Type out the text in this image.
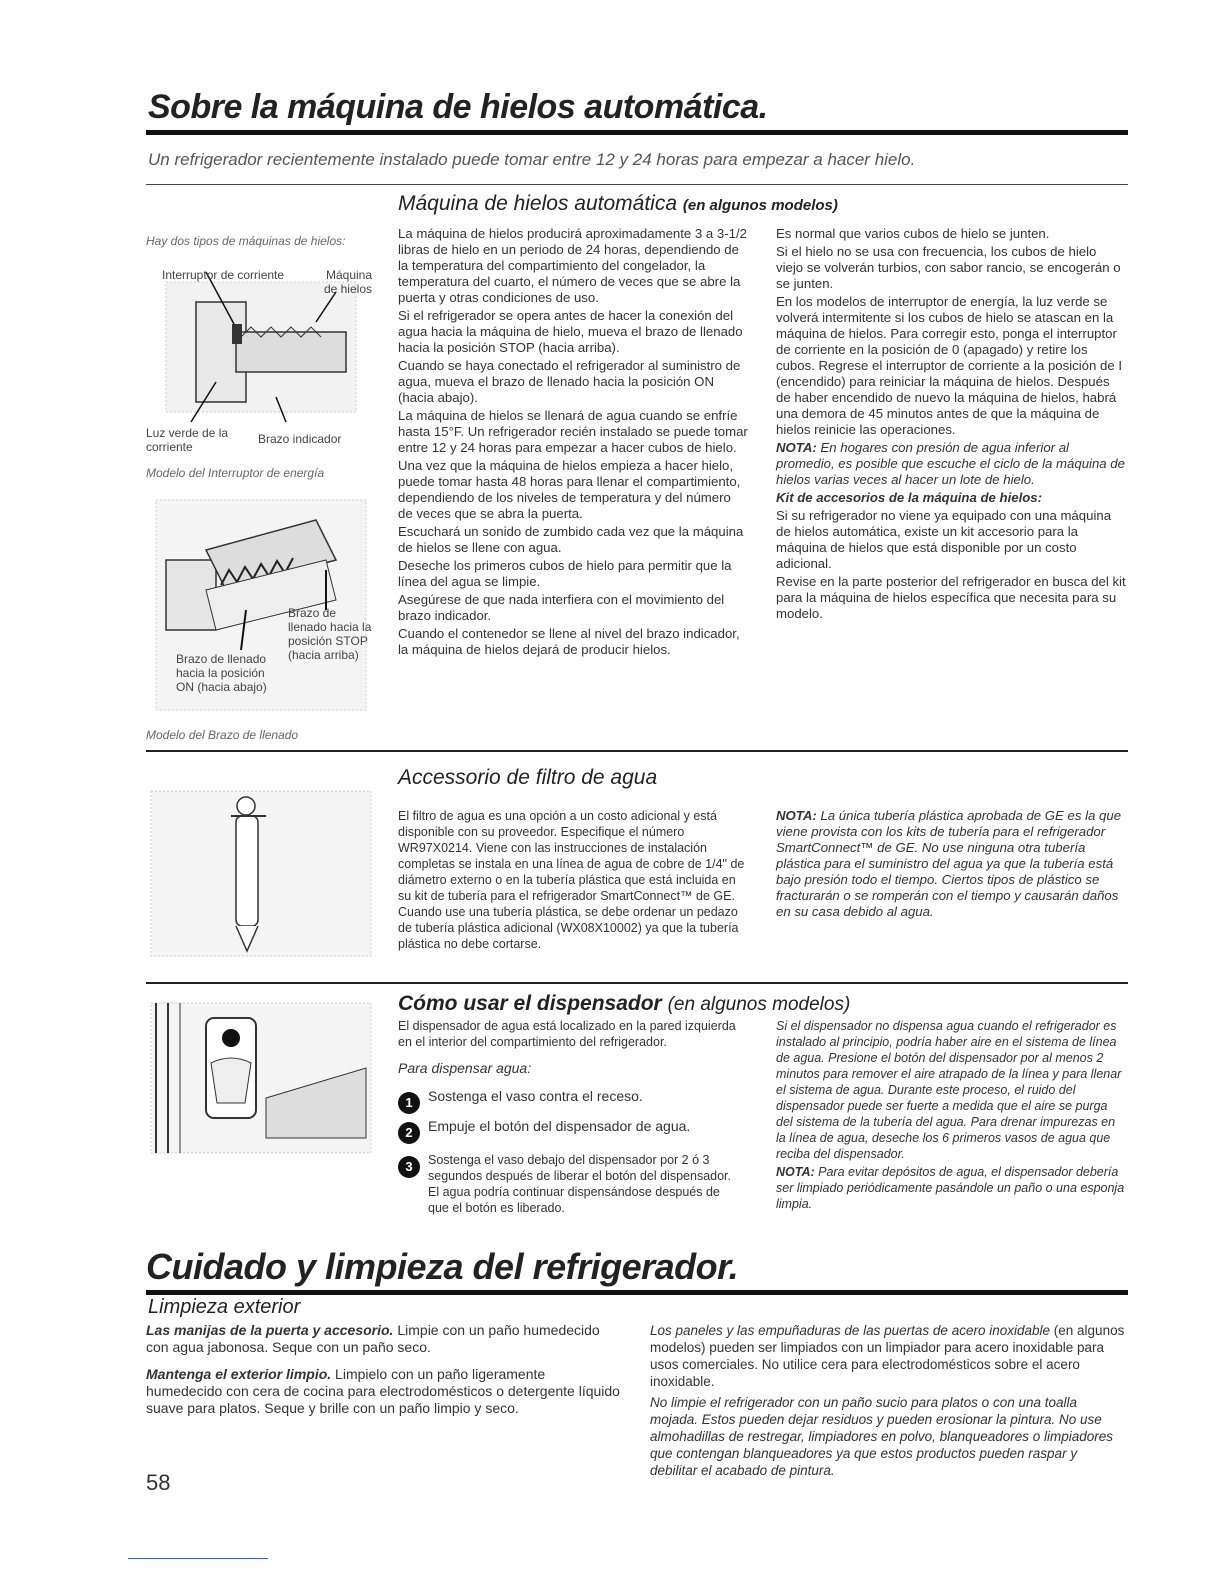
Sobre la máquina de hielos automática.
Un refrigerador recientemente instalado puede tomar entre 12 y 24 horas para empezar a hacer hielo.
Máquina de hielos automática (en algunos modelos)
Hay dos tipos de máquinas de hielos:
Interruptor de corriente	Máquina de hielos
Luz verde de la corriente
Brazo indicador
Modelo del Interruptor de energía
Brazo de llenado hacia la posición ON (hacia abajo)
Brazo de llenado hacia la posición STOP (hacia arriba)
Modelo del Brazo de llenado

La máquina de hielos producirá aproximadamente 3 a 3-1/2 libras de hielo en un periodo de 24 horas, dependiendo de la temperatura del compartimiento del congelador, la temperatura del cuarto, el número de veces que se abre la puerta y otras condiciones de uso.

Si el refrigerador se opera antes de hacer la conexión del agua hacia la máquina de hielo, mueva el brazo de llenado hacia la posición STOP (hacia arriba).

Cuando se haya conectado el refrigerador al suministro de agua, mueva el brazo de llenado hacia la posición ON (hacia abajo).

La máquina de hielos se llenará de agua cuando se enfríe hasta 15°F. Un refrigerador recién instalado se puede tomar entre 12 y 24 horas para empezar a hacer cubos de hielo.

Una vez que la máquina de hielos empieza a hacer hielo, puede tomar hasta 48 horas para llenar el compartimiento, dependiendo de los niveles de temperatura y del número de veces que se abra la puerta.

Escuchará un sonido de zumbido cada vez que la máquina de hielos se llene con agua.

Deseche los primeros cubos de hielo para permitir que la línea del agua se limpie.

Asegúrese de que nada interfiera con el movimiento del brazo indicador.

Cuando el contenedor se llene al nivel del brazo indicador, la máquina de hielos dejará de producir hielos.

Es normal que varios cubos de hielo se junten.

Si el hielo no se usa con frecuencia, los cubos de hielo viejo se volverán turbios, con sabor rancio, se encogerán o se junten.

En los modelos de interruptor de energía, la luz verde se volverá intermitente si los cubos de hielo se atascan en la máquina de hielos. Para corregir esto, ponga el interruptor de corriente en la posición de 0 (apagado) y retire los cubos. Regrese el interruptor de corriente a la posición de I (encendido) para reiniciar la máquina de hielos. Después de haber encendido de nuevo la máquina de hielos, habrá una demora de 45 minutos antes de que la máquina de hielos reinicie las operaciones.

NOTA: En hogares con presión de agua inferior al promedio, es posible que escuche el ciclo de la máquina de hielos varias veces al hacer un lote de hielo.

Kit de accesorios de la máquina de hielos:

Si su refrigerador no viene ya equipado con una máquina de hielos automática, existe un kit accesorio para la máquina de hielos que está disponible por un costo adicional.

Revise en la parte posterior del refrigerador en busca del kit para la máquina de hielos específica que necesita para su modelo.

Accessorio de filtro de agua
El filtro de agua es una opción a un costo adicional y está disponible con su proveedor. Especifique el número WR97X0214. Viene con las instrucciones de instalación completas se instala en una línea de agua de cobre de 1/4" de diámetro externo o en la tubería plástica que está incluida en su kit de tubería para el refrigerador SmartConnect™ de GE. Cuando use una tubería plástica, se debe ordenar un pedazo de tubería plástica adicional (WX08X10002) ya que la tubería plástica no debe cortarse.
NOTA: La única tubería plástica aprobada de GE es la que viene provista con los kits de tubería para el refrigerador SmartConnect™ de GE. No use ninguna otra tubería plástica para el suministro del agua ya que la tubería está bajo presión todo el tiempo. Ciertos tipos de plástico se fracturarán o se romperán con el tiempo y causarán daños en su casa debido al agua.
Cómo usar el dispensador (en algunos modelos)
El dispensador de agua está localizado en la pared izquierda en el interior del compartimiento del refrigerador.
Para dispensar agua:
1	Sostenga el vaso contra el receso.
2	Empuje el botón del dispensador de agua.
3	Sostenga el vaso debajo del dispensador por 2 ó 3 segundos después de liberar el botón del dispensador. El agua podría continuar dispensándose después de que el botón es liberado.

Si el dispensador no dispensa agua cuando el refrigerador es instalado al principio, podría haber aire en el sistema de línea de agua. Presione el botón del dispensador por al menos 2 minutos para remover el aire atrapado de la línea y para llenar el sistema de agua. Durante este proceso, el ruido del dispensador puede ser fuerte a medida que el aire se purga del sistema de la tubería del agua. Para drenar impurezas en la línea de agua, deseche los 6 primeros vasos de agua que reciba del dispensador.

NOTA: Para evitar depósitos de agua, el dispensador debería ser limpiado periódicamente pasándole un paño o una esponja limpia.

Cuidado y limpieza del refrigerador.
Limpieza exterior

Las manijas de la puerta y accesorio. Limpie con un paño humedecido con agua jabonosa. Seque con un paño seco.

Mantenga el exterior limpio. Limpielo con un paño ligeramente humedecido con cera de cocina para electrodomésticos o detergente líquido suave para platos. Seque y brille con un paño limpio y seco.

Los paneles y las empuñaduras de las puertas de acero inoxidable (en algunos modelos) pueden ser limpiados con un limpiador para acero inoxidable para usos comerciales. No utilice cera para electrodomésticos sobre el acero inoxidable.

No limpie el refrigerador con un paño sucio para platos o con una toalla mojada. Estos pueden dejar residuos y pueden erosionar la pintura. No use almohadillas de restregar, limpiadores en polvo, blanqueadores o limpiadores que contengan blanqueadores ya que estos productos pueden raspar y debilitar el acabado de pintura.

58
